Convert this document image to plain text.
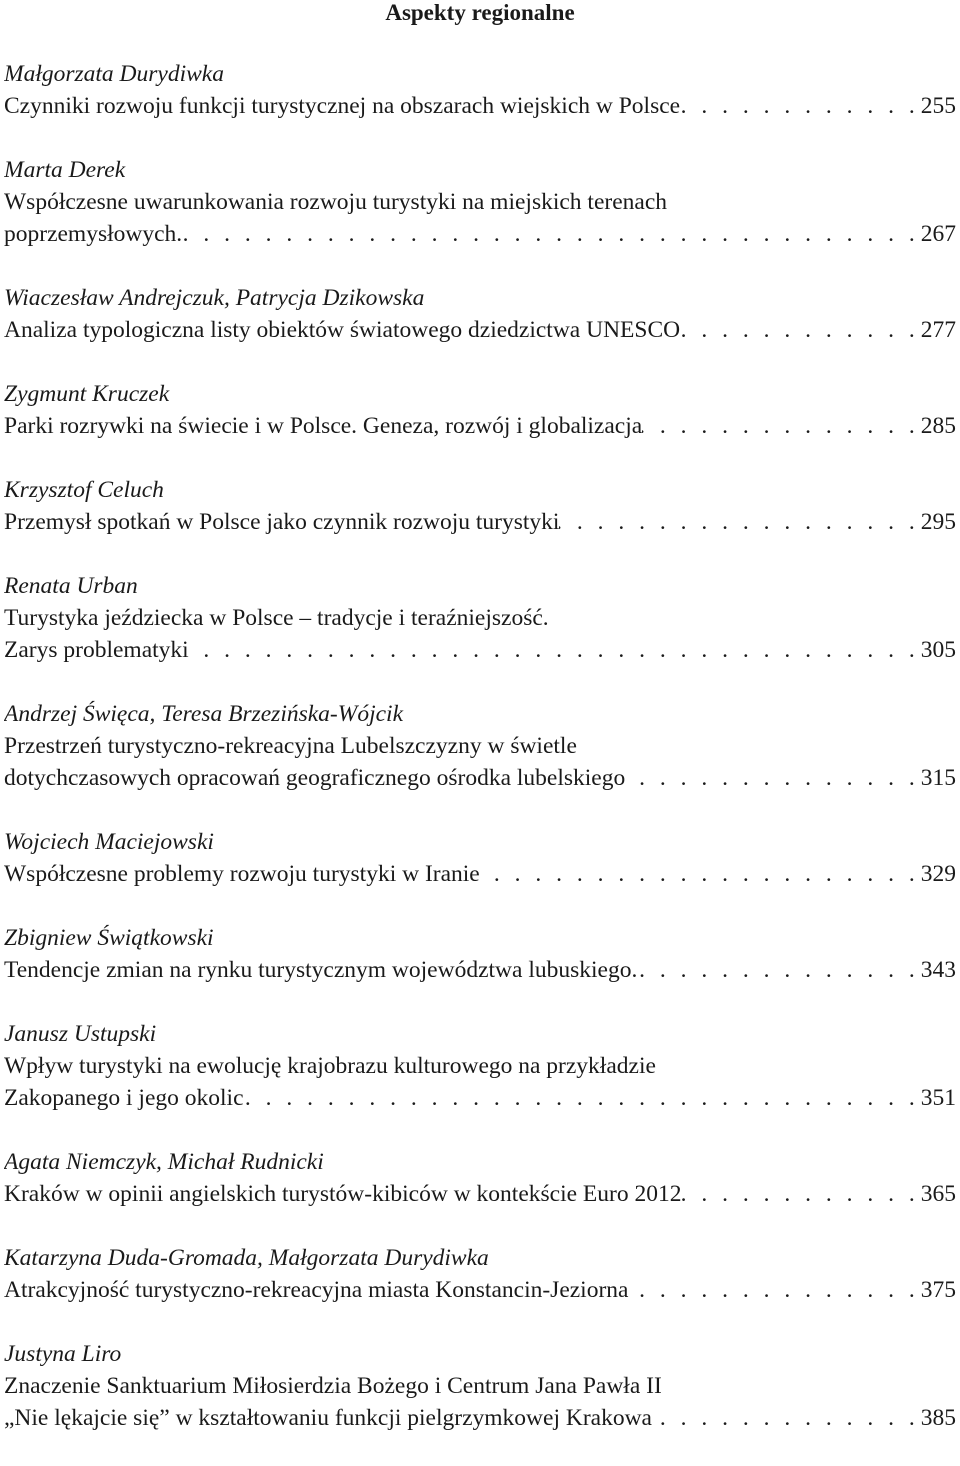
Aspekty regionalne
Małgorzata Durydiwka
Czynniki rozwoju funkcji turystycznej na obszarach wiejskich w Polsce . . .	255
Marta Derek
Współczesne uwarunkowania rozwoju turystyki na miejskich terenach
poprzemysłowych. . . .	267
Wiaczesław Andrejczuk, Patrycja Dzikowska
Analiza typologiczna listy obiektów światowego dziedzictwa UNESCO . . .	277
Zygmunt Kruczek
Parki rozrywki na świecie i w Polsce. Geneza, rozwój i globalizacja . . .	285
Krzysztof Celuch
Przemysł spotkań w Polsce jako czynnik rozwoju turystyki . . .	295
Renata Urban
Turystyka jeździecka w Polsce – tradycje i teraźniejszość.
Zarys problematyki . . .	305
Andrzej Święca, Teresa Brzezińska-Wójcik
Przestrzeń turystyczno-rekreacyjna Lubelszczyzny w świetle
dotychczasowych opracowań geograficznego ośrodka lubelskiego . . .	315
Wojciech Maciejowski
Współczesne problemy rozwoju turystyki w Iranie . . .	329
Zbigniew Świątkowski
Tendencje zmian na rynku turystycznym województwa lubuskiego. . . .	343
Janusz Ustupski
Wpływ turystyki na ewolucję krajobrazu kulturowego na przykładzie
Zakopanego i jego okolic . . .	351
Agata Niemczyk, Michał Rudnicki
Kraków w opinii angielskich turystów-kibiców w kontekście Euro 2012 . . .	365
Katarzyna Duda-Gromada, Małgorzata Durydiwka
Atrakcyjność turystyczno-rekreacyjna miasta Konstancin-Jeziorna . . .	375
Justyna Liro
Znaczenie Sanktuarium Miłosierdzia Bożego i Centrum Jana Pawła II
„Nie lękajcie się” w kształtowaniu funkcji pielgrzymkowej Krakowa . . .	385
